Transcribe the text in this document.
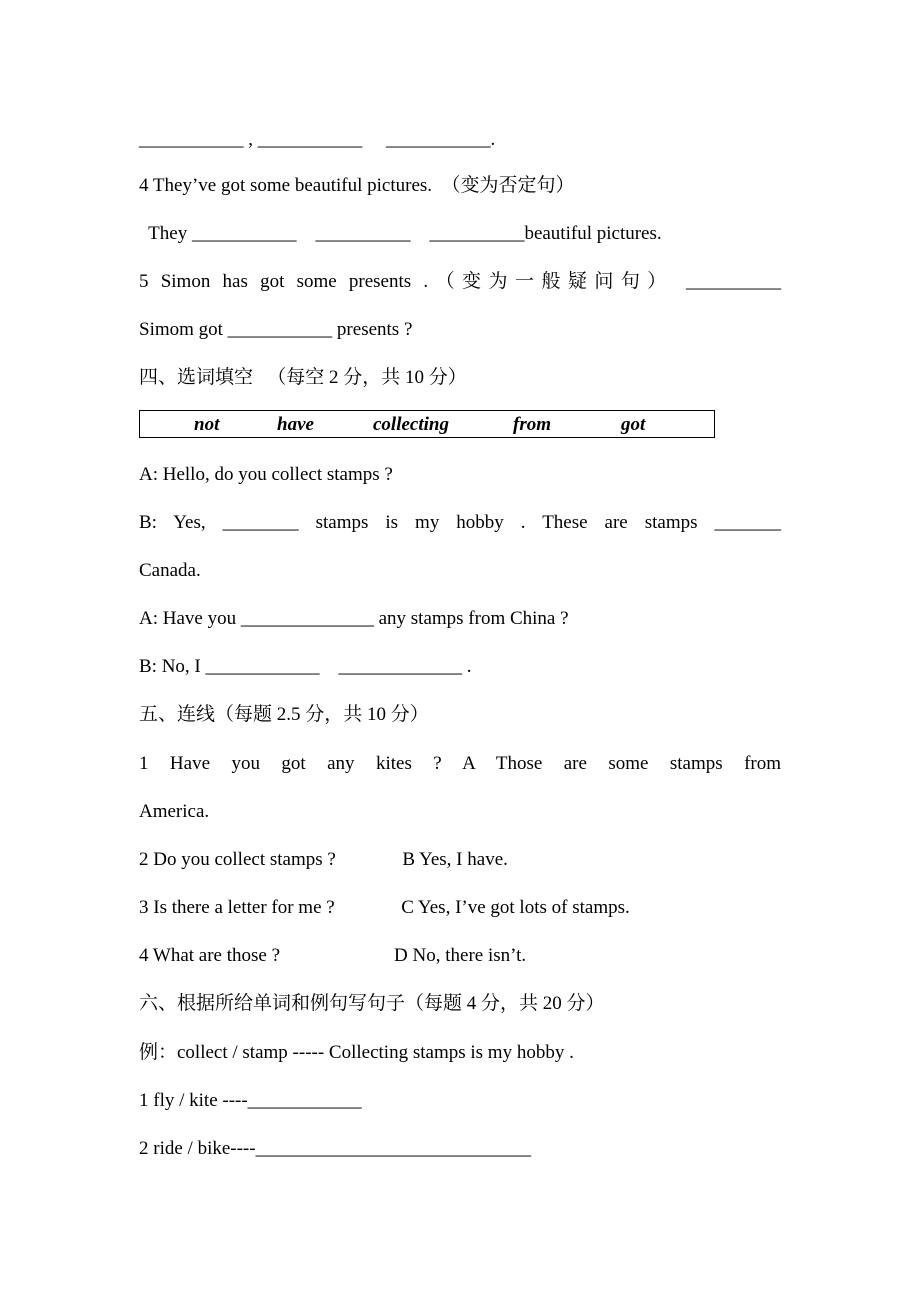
___________ , ___________     ___________.

4 They’ve got some beautiful pictures.  （变为否定句）

They ___________    __________    __________beautiful pictures.

5 Simon has got some presents .（变为一般疑问句） __________

Simom got ___________ presents ?

四、选词填空   （每空 2 分，共 10 分）

not	have	collecting	from	got

A: Hello, do you collect stamps ?

B: Yes, ________ stamps is my hobby . These are stamps _______

Canada.

A: Have you ______________ any stamps from China ?

B: No, I ____________    _____________ .

五、连线（每题 2.5 分，共 10 分）

1 Have you got any kites ? A Those are some stamps from

America.

2 Do you collect stamps ?              B Yes, I have.

3 Is there a letter for me ?              C Yes, I’ve got lots of stamps.

4 What are those ?                        D No, there isn’t.

六、根据所给单词和例句写句子（每题 4 分，共 20 分）

例：collect / stamp ----- Collecting stamps is my hobby .

1 fly / kite ----____________

2 ride / bike----_____________________________
